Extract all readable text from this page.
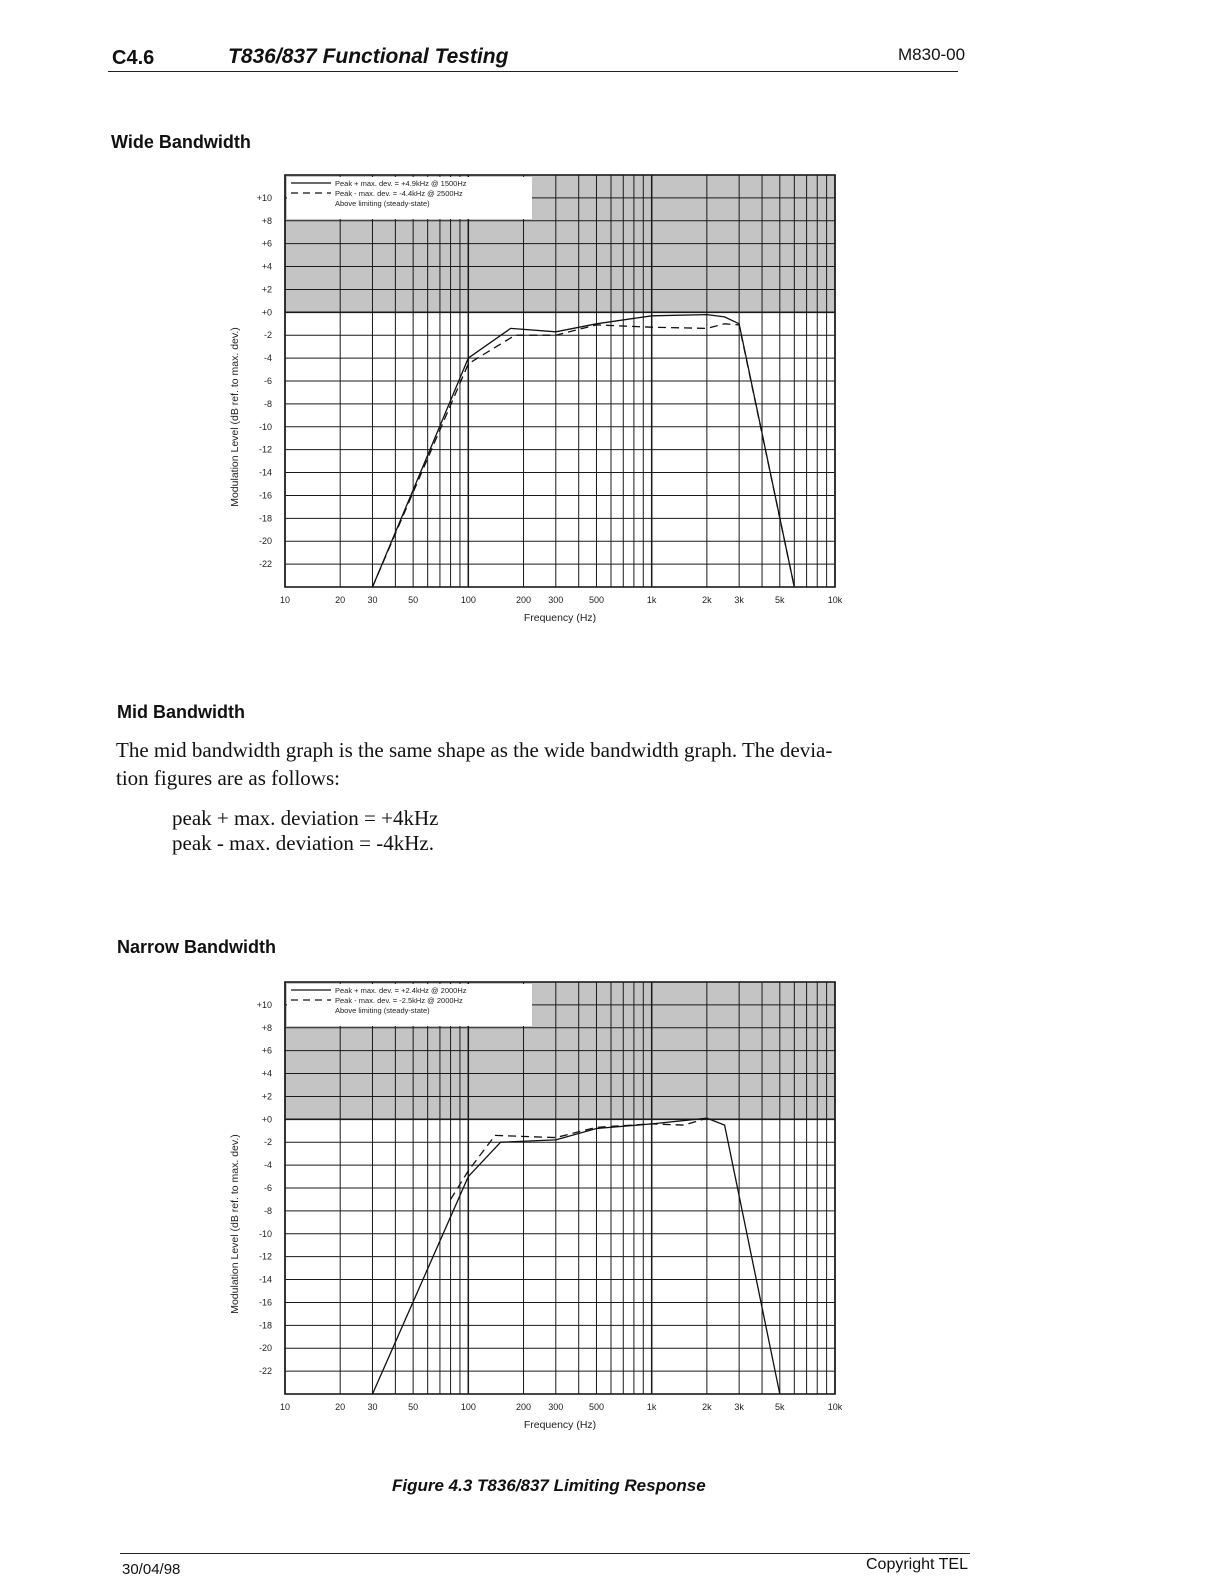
C4.6	T836/837 Functional Testing	M830-00
Wide Bandwidth
+10
+8
+6
+4
+2
+0
-2
-4
-6
-8
-10
-12
-14
-16
-18
-20
-22
10	20 30	50	100	200 300	500	1k	2k	3k	5k	10k
Frequency (Hz)
Modulation Level (dB ref. to max. dev.)
Peak + max. dev. = +4.9kHz @ 1500Hz
Peak - max. dev. = -4.4kHz @ 2500Hz
Above limiting (steady-state)
Mid Bandwidth
The mid bandwidth graph is the same shape as the wide bandwidth graph. The devia-
tion figures are as follows:
peak + max. deviation = +4kHz
peak - max. deviation = -4kHz.
Narrow Bandwidth
+10
+8
+6
+4
+2
+0
-2
-4
-6
-8
-10
-12
-14
-16
-18
-20
-22
10	20 30	50	100	200 300	500	1k	2k	3k	5k	10k
Frequency (Hz)
Modulation Level (dB ref. to max. dev.)
Peak + max. dev. = +2.4kHz @ 2000Hz
Peak - max. dev. = -2.5kHz @ 2000Hz
Above limiting (steady-state)
Figure 4.3 T836/837 Limiting Response
30/04/98	Copyright TEL
